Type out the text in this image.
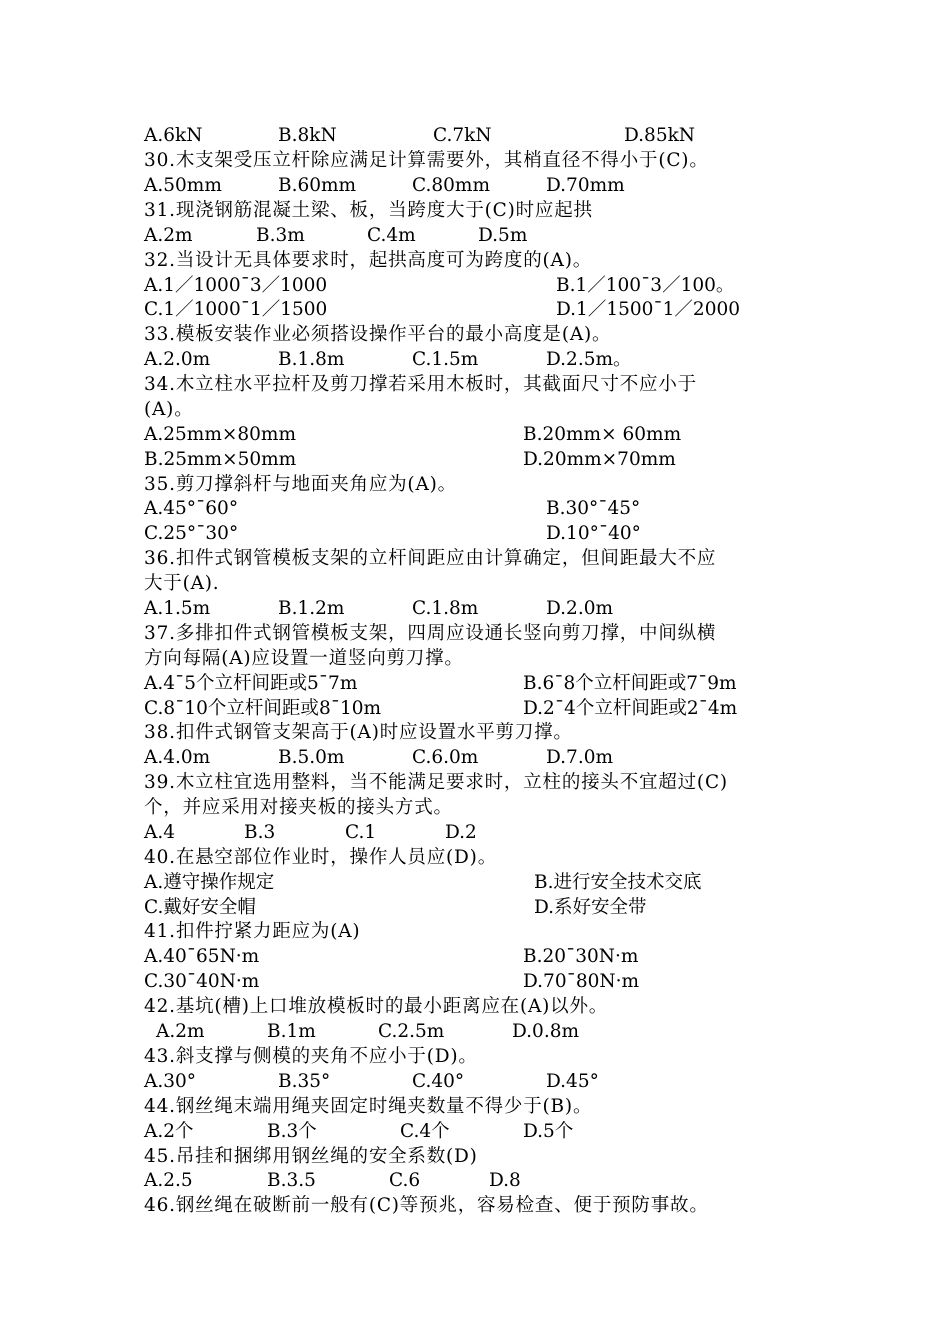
A.6kN	B.8kN	C.7kN	D.85kN
30.木支架受压立杆除应满足计算需要外，其梢直径不得小于(C)。
A.50mm	B.60mm	C.80mm	D.70mm
31.现浇钢筋混凝土梁、板，当跨度大于(C)时应起拱
A.2m	B.3m	C.4m	D.5m
32.当设计无具体要求时，起拱高度可为跨度的(A)。
A.1／1000¯3／1000	B.1／100¯3／100。
C.1／1000¯1／1500	D.1／1500¯1／2000
33.模板安装作业必须搭设操作平台的最小高度是(A)。
A.2.0m	B.1.8m	C.1.5m	D.2.5m。
34.木立柱水平拉杆及剪刀撑若采用木板时，其截面尺寸不应小于
(A)。
A.25mm×80mm	B.20mm× 60mm
B.25mm×50mm	D.20mm×70mm
35.剪刀撑斜杆与地面夹角应为(A)。
A.45°¯60°	B.30°¯45°
C.25°¯30°	D.10°¯40°
36.扣件式钢管模板支架的立杆间距应由计算确定，但间距最大不应
大于(A).
A.1.5m	B.1.2m	C.1.8m	D.2.0m
37.多排扣件式钢管模板支架，四周应设通长竖向剪刀撑，中间纵横
方向每隔(A)应设置一道竖向剪刀撑。
A.4¯5个立杆间距或5¯7m	B.6¯8个立杆间距或7¯9m
C.8¯10个立杆间距或8¯10m	D.2¯4个立杆间距或2¯4m
38.扣件式钢管支架高于(A)时应设置水平剪刀撑。
A.4.0m	B.5.0m	C.6.0m	D.7.0m
39.木立柱宜选用整料，当不能满足要求时，立柱的接头不宜超过(C)
个，并应采用对接夹板的接头方式。
A.4	B.3	C.1	D.2
40.在悬空部位作业时，操作人员应(D)。
A.遵守操作规定	B.进行安全技术交底
C.戴好安全帽	D.系好安全带
41.扣件拧紧力距应为(A)
A.40¯65N·m	B.20¯30N·m
C.30¯40N·m	D.70¯80N·m
42.基坑(槽)上口堆放模板时的最小距离应在(A)以外。
A.2m	B.1m	C.2.5m	D.0.8m
43.斜支撑与侧模的夹角不应小于(D)。
A.30°	B.35°	C.40°	D.45°
44.钢丝绳末端用绳夹固定时绳夹数量不得少于(B)。
A.2个	B.3个	C.4个	D.5个
45.吊挂和捆绑用钢丝绳的安全系数(D)
A.2.5	B.3.5	C.6	D.8
46.钢丝绳在破断前一般有(C)等预兆，容易检查、便于预防事故。
